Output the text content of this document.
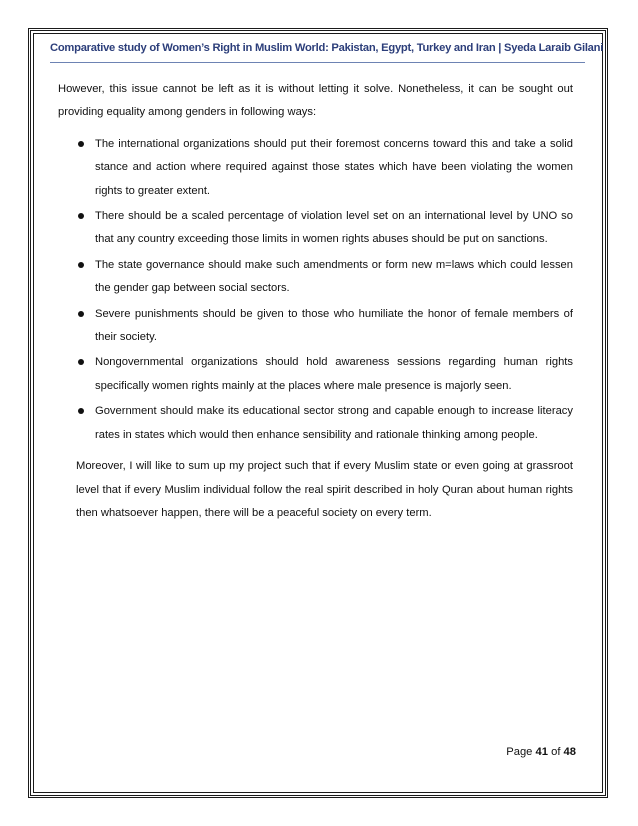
Comparative study of Women’s Right in Muslim World: Pakistan, Egypt, Turkey and Iran | Syeda Laraib Gilani

However, this issue cannot be left as it is without letting it solve. Nonetheless, it can be sought out providing equality among genders in following ways:

The international organizations should put their foremost concerns toward this and take a solid stance and action where required against those states which have been violating the women rights to greater extent.
There should be a scaled percentage of violation level set on an international level by UNO so that any country exceeding those limits in women rights abuses should be put on sanctions.
The state governance should make such amendments or form new m=laws which could lessen the gender gap between social sectors.
Severe punishments should be given to those who humiliate the honor of female members of their society.
Nongovernmental organizations should hold awareness sessions regarding human rights specifically women rights mainly at the places where male presence is majorly seen.
Government should make its educational sector strong and capable enough to increase literacy rates in states which would then enhance sensibility and rationale thinking among people.

Moreover, I will like to sum up my project such that if every Muslim state or even going at grassroot level that if every Muslim individual follow the real spirit described in holy Quran about human rights then whatsoever happen, there will be a peaceful society on every term.

Page 41 of 48
